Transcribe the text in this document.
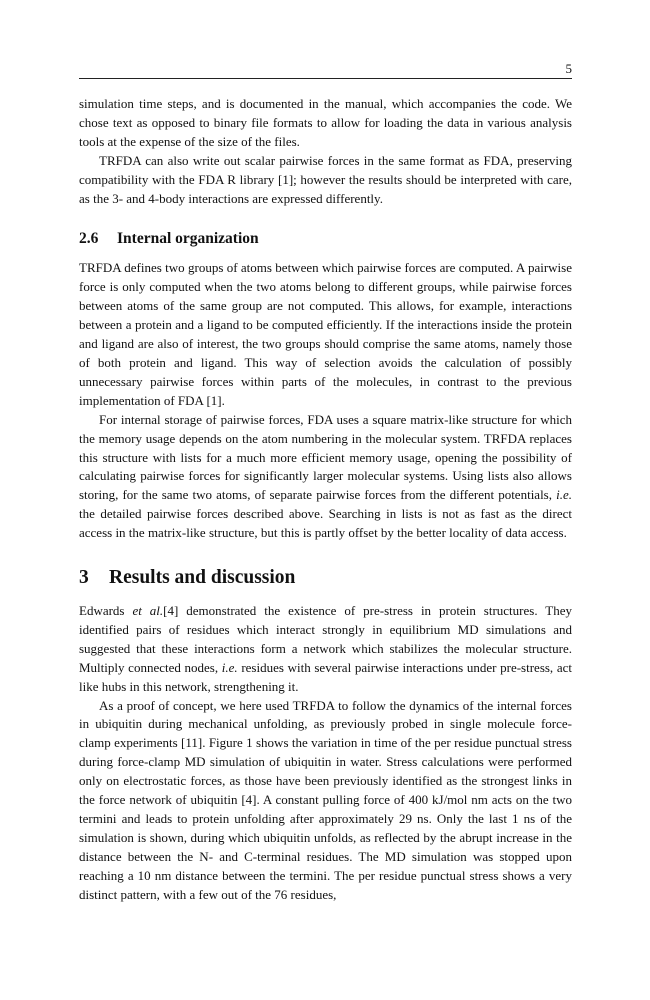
5

simulation time steps, and is documented in the manual, which accompanies the code. We chose text as opposed to binary file formats to allow for loading the data in various analysis tools at the expense of the size of the files.

TRFDA can also write out scalar pairwise forces in the same format as FDA, preserving compatibility with the FDA R library [1]; however the results should be interpreted with care, as the 3- and 4-body interactions are expressed differently.

2.6 Internal organization

TRFDA defines two groups of atoms between which pairwise forces are computed. A pairwise force is only computed when the two atoms belong to different groups, while pairwise forces between atoms of the same group are not computed. This allows, for example, interactions between a protein and a ligand to be computed efficiently. If the interactions inside the protein and ligand are also of interest, the two groups should comprise the same atoms, namely those of both protein and ligand. This way of selection avoids the calculation of possibly unnecessary pairwise forces within parts of the molecules, in contrast to the previous implementation of FDA [1].

For internal storage of pairwise forces, FDA uses a square matrix-like structure for which the memory usage depends on the atom numbering in the molecular system. TRFDA replaces this structure with lists for a much more efficient memory usage, opening the possibility of calculating pairwise forces for significantly larger molecular systems. Using lists also allows storing, for the same two atoms, of separate pairwise forces from the different potentials, i.e. the detailed pairwise forces described above. Searching in lists is not as fast as the direct access in the matrix-like structure, but this is partly offset by the better locality of data access.

3 Results and discussion

Edwards et al.[4] demonstrated the existence of pre-stress in protein structures. They identified pairs of residues which interact strongly in equilibrium MD simulations and suggested that these interactions form a network which stabilizes the molecular structure. Multiply connected nodes, i.e. residues with several pairwise interactions under pre-stress, act like hubs in this network, strengthening it.

As a proof of concept, we here used TRFDA to follow the dynamics of the internal forces in ubiquitin during mechanical unfolding, as previously probed in single molecule force-clamp experiments [11]. Figure 1 shows the variation in time of the per residue punctual stress during force-clamp MD simulation of ubiquitin in water. Stress calculations were performed only on electrostatic forces, as those have been previously identified as the strongest links in the force network of ubiquitin [4]. A constant pulling force of 400 kJ/mol nm acts on the two termini and leads to protein unfolding after approximately 29 ns. Only the last 1 ns of the simulation is shown, during which ubiquitin unfolds, as reflected by the abrupt increase in the distance between the N- and C-terminal residues. The MD simulation was stopped upon reaching a 10 nm distance between the termini. The per residue punctual stress shows a very distinct pattern, with a few out of the 76 residues,
